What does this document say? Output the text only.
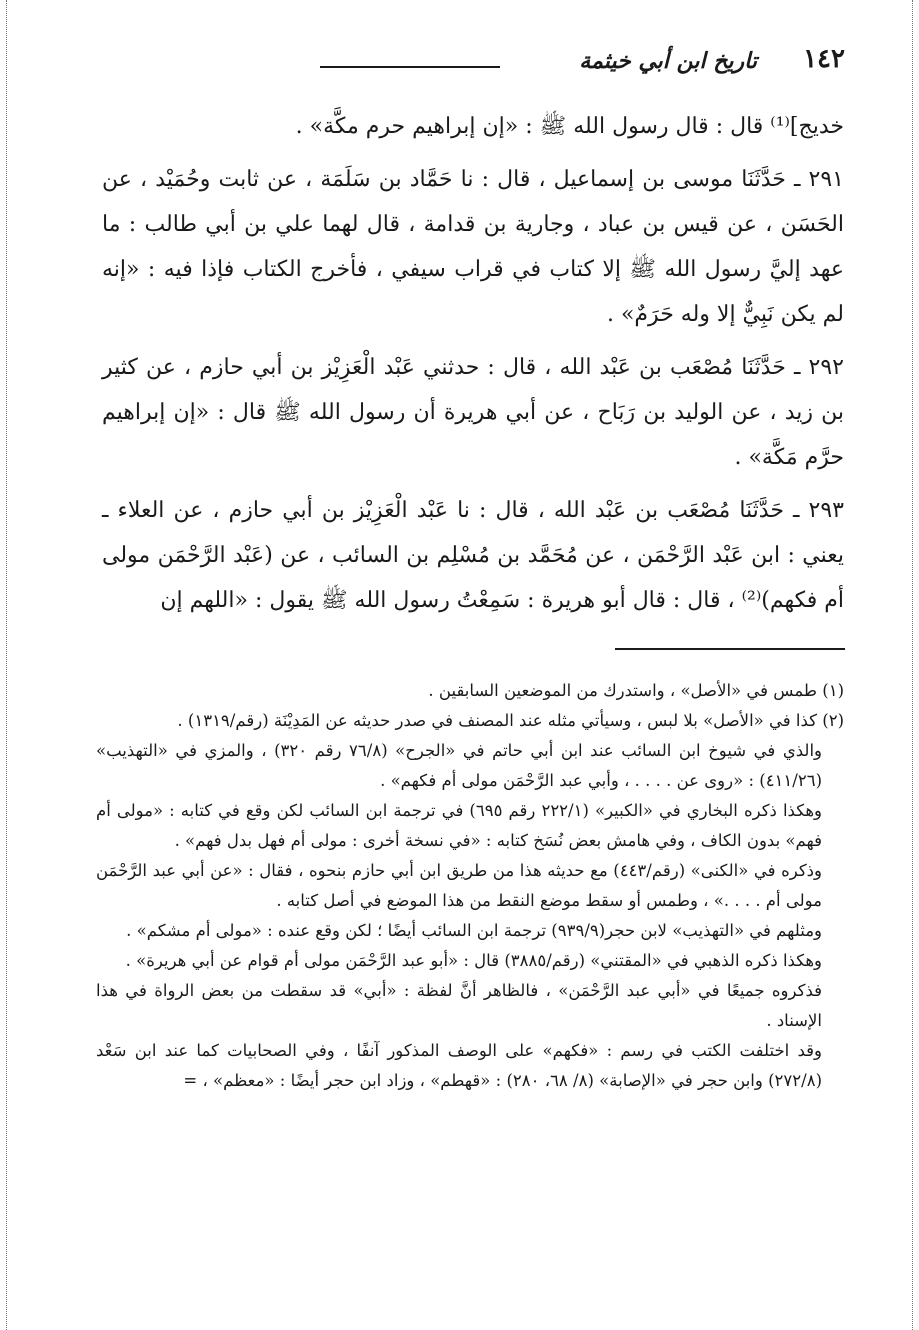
١٤٢
تاريخ ابن أبي خيثمة

خديج]⁽¹⁾ قال : قال رسول الله ﷺ : «إن إبراهيم حرم مكَّة» .

٢٩١ ـ حَدَّثَنَا موسى بن إسماعيل ، قال : نا حَمَّاد بن سَلَمَة ، عن ثابت وحُمَيْد ، عن الحَسَن ، عن قيس بن عباد ، وجارية بن قدامة ، قال لهما علي بن أبي طالب : ما عهد إليَّ رسول الله ﷺ إلا كتاب في قراب سيفي ، فأخرج الكتاب فإذا فيه : «إنه لم يكن نَبِيٌّ إلا وله حَرَمٌ» .

٢٩٢ ـ حَدَّثَنَا مُصْعَب بن عَبْد الله ، قال : حدثني عَبْد الْعَزِيْز بن أبي حازم ، عن كثير بن زيد ، عن الوليد بن رَبَاح ، عن أبي هريرة أن رسول الله ﷺ قال : «إن إبراهيم حرَّم مَكَّة» .

٢٩٣ ـ حَدَّثَنَا مُصْعَب بن عَبْد الله ، قال : نا عَبْد الْعَزِيْز بن أبي حازم ، عن العلاء ـ يعني : ابن عَبْد الرَّحْمَن ، عن مُحَمَّد بن مُسْلِم بن السائب ، عن (عَبْد الرَّحْمَن مولى أم فكهم)⁽²⁾ ، قال : قال أبو هريرة : سَمِعْتُ رسول الله ﷺ يقول : «اللهم إن

(١) طمس في «الأصل» ، واستدرك من الموضعين السابقين .

(٢) كذا في «الأصل» بلا لبس ، وسيأتي مثله عند المصنف في صدر حديثه عن المَدِيْنَة (رقم/١٣١٩) .

والذي في شيوخ ابن السائب عند ابن أبي حاتم في «الجرح» (٧٦/٨ رقم ٣٢٠) ، والمزي في «التهذيب» (٤١١/٢٦) : «روى عن . . . . ، وأبي عبد الرَّحْمَن مولى أم فكهم» .

وهكذا ذكره البخاري في «الكبير» (٢٢٢/١ رقم ٦٩٥) في ترجمة ابن السائب لكن وقع في كتابه : «مولى أم فهم» بدون الكاف ، وفي هامش بعض نُسَخ كتابه : «في نسخة أخرى : مولى أم فهل بدل فهم» .

وذكره في «الكنى» (رقم/٤٤٣) مع حديثه هذا من طريق ابن أبي حازم بنحوه ، فقال : «عن أبي عبد الرَّحْمَن مولى أم . . . .» ، وطمس أو سقط موضع النقط من هذا الموضع في أصل كتابه .

ومثلهم في «التهذيب» لابن حجر(٩٣٩/٩) ترجمة ابن السائب أيضًا ؛ لكن وقع عنده : «مولى أم مشكم» .

وهكذا ذكره الذهبي في «المقتني» (رقم/٣٨٨٥) قال : «أبو عبد الرَّحْمَن مولى أم قوام عن أبي هريرة» .

فذكروه جميعًا في «أبي عبد الرَّحْمَن» ، فالظاهر أنَّ لفظة : «أبي» قد سقطت من بعض الرواة في هذا الإسناد .

وقد اختلفت الكتب في رسم : «فكهم» على الوصف المذكور آنفًا ، وفي الصحابيات كما عند ابن سَعْد (٢٧٢/٨) وابن حجر في «الإصابة» (٨/ ٦٨، ٢٨٠) : «قهطم» ، وزاد ابن حجر أيضًا : «معظم» ، =
